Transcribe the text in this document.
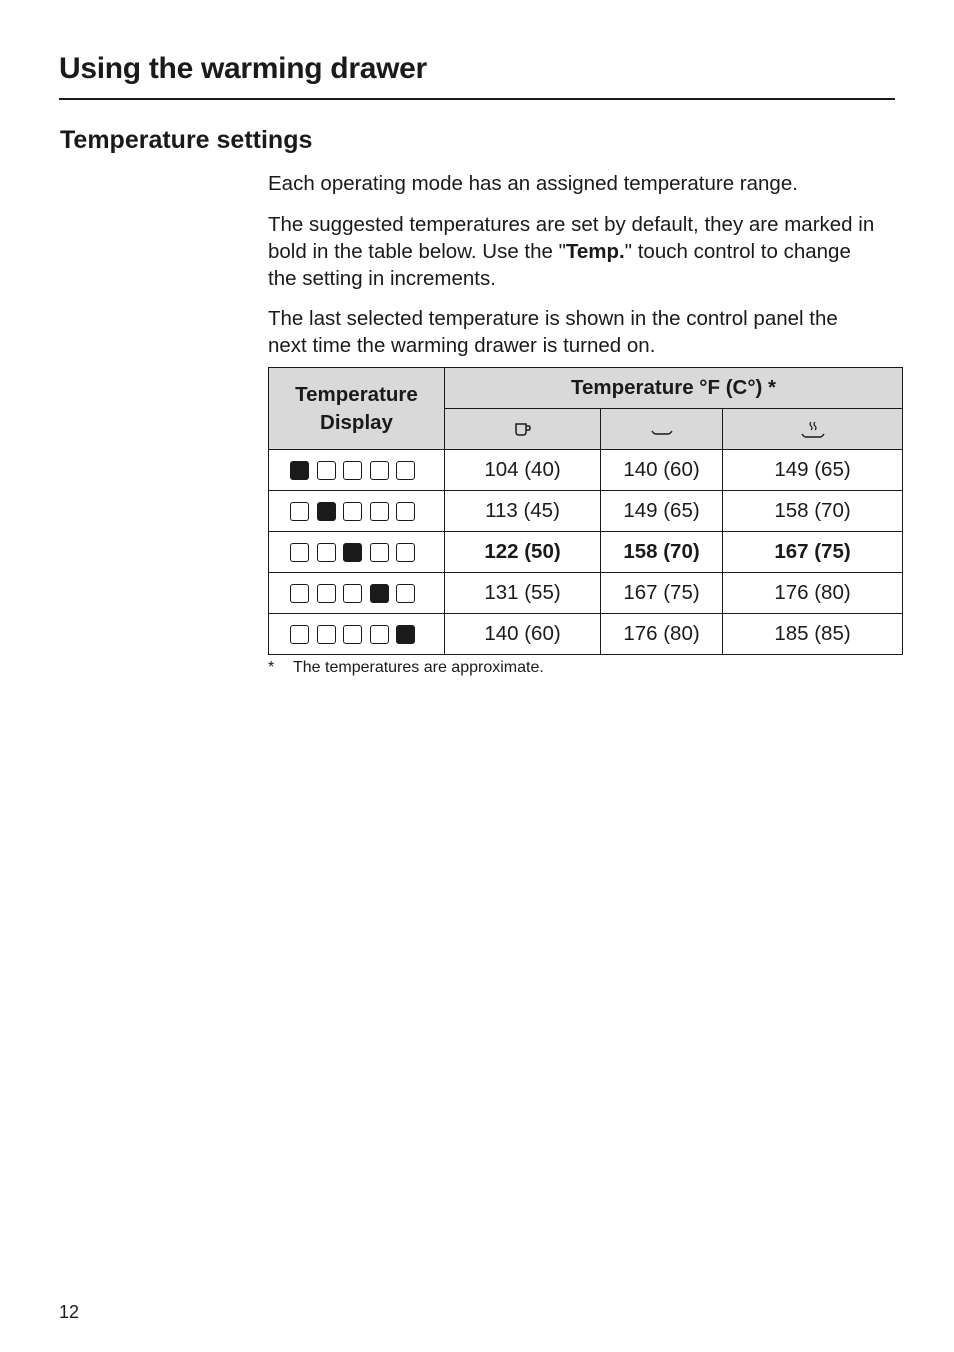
Using the warming drawer
Temperature settings

Each operating mode has an assigned temperature range.

The suggested temperatures are set by default, they are marked in bold in the table below. Use the "Temp." touch control to change the setting in increments.

The last selected temperature is shown in the control panel the next time the warming drawer is turned on.

Temperature Display	Temperature °F (C°) *		

	104 (40)	140 (60)	149 (65)
	113 (45)	149 (65)	158 (70)
	122 (50)	158 (70)	167 (75)
	131 (55)	167 (75)	176 (80)
	140 (60)	176 (80)	185 (85)

* The temperatures are approximate.

12
